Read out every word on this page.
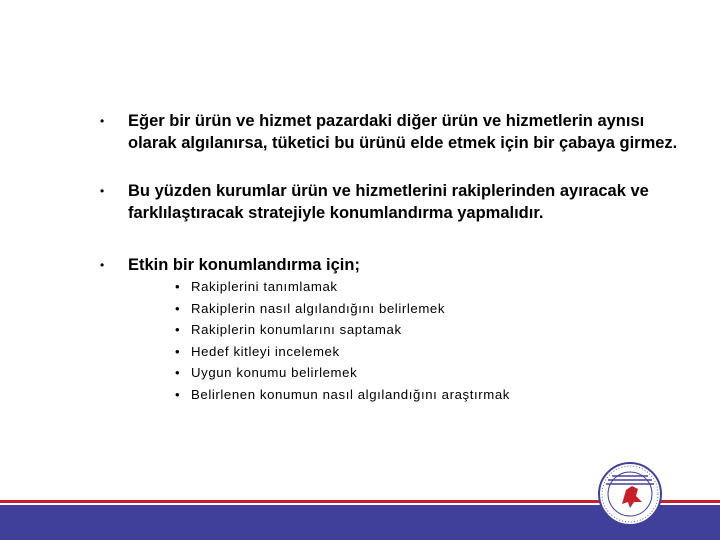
• Eğer bir ürün ve hizmet pazardaki diğer ürün ve hizmetlerin aynısı olarak algılanırsa, tüketici bu ürünü elde etmek için bir çabaya girmez.
• Bu yüzden kurumlar ürün ve hizmetlerini rakiplerinden ayıracak ve farklılaştıracak stratejiyle konumlandırma yapmalıdır.
• Etkin bir konumlandırma için;
• Rakiplerini tanımlamak
• Rakiplerin nasıl algılandığını belirlemek
• Rakiplerin konumlarını saptamak
• Hedef kitleyi incelemek
• Uygun konumu belirlemek
• Belirlenen konumun nasıl algılandığını araştırmak
